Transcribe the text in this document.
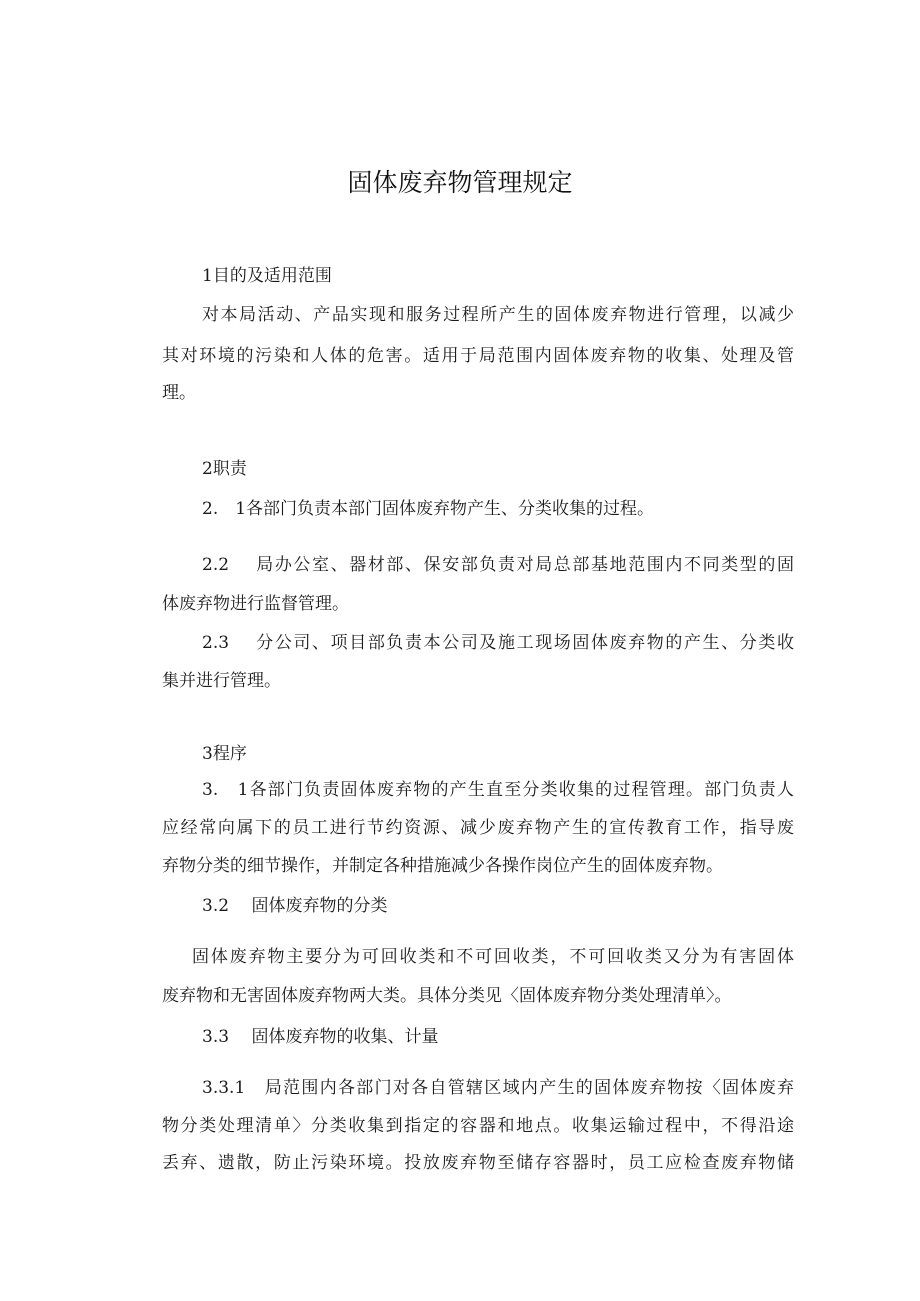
固体废弃物管理规定
1目的及适用范围
对本局活动、产品实现和服务过程所产生的固体废弃物进行管理，以减少
其对环境的污染和人体的危害。适用于局范围内固体废弃物的收集、处理及管
理。
2职责
2.　1各部门负责本部门固体废弃物产生、分类收集的过程。
2.2　 局办公室、器材部、保安部负责对局总部基地范围内不同类型的固
体废弃物进行监督管理。
2.3　 分公司、项目部负责本公司及施工现场固体废弃物的产生、分类收
集并进行管理。
3程序
3.　1各部门负责固体废弃物的产生直至分类收集的过程管理。部门负责人
应经常向属下的员工进行节约资源、减少废弃物产生的宣传教育工作，指导废
弃物分类的细节操作，并制定各种措施减少各操作岗位产生的固体废弃物。
3.2　 固体废弃物的分类
固体废弃物主要分为可回收类和不可回收类，不可回收类又分为有害固体
废弃物和无害固体废弃物两大类。具体分类见〈固体废弃物分类处理清单〉。
3.3　 固体废弃物的收集、计量
3.3.1　局范围内各部门对各自管辖区域内产生的固体废弃物按〈固体废弃
物分类处理清单〉分类收集到指定的容器和地点。收集运输过程中，不得沿途
丢弃、遗散，防止污染环境。投放废弃物至储存容器时，员工应检查废弃物储
